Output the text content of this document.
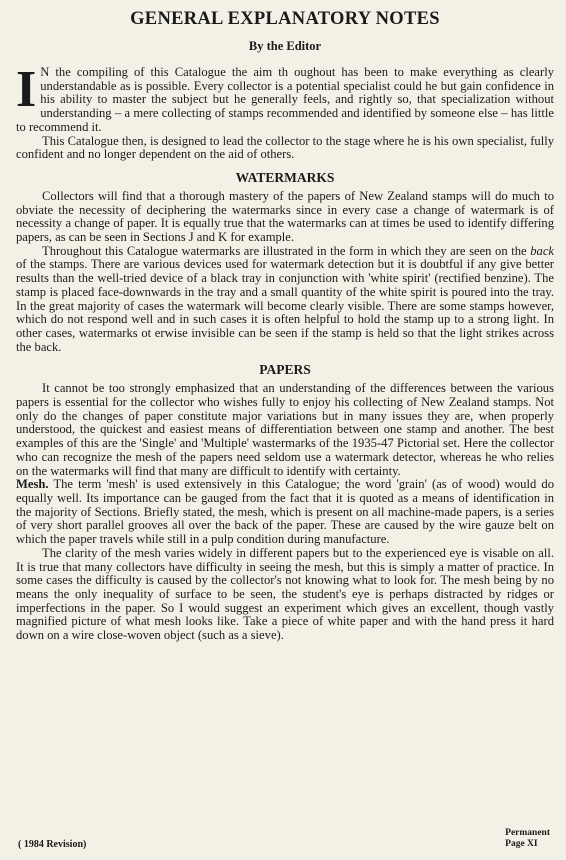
GENERAL EXPLANATORY NOTES
By the Editor

I N the compiling of this Catalogue the aim th oughout has been to make everything as clearly understandable as is possible. Every collector is a potential specialist could he but gain confidence in his ability to master the subject but he generally feels, and rightly so, that specialization without understanding – a mere collecting of stamps recommended and identified by someone else – has little to recommend it.

This Catalogue then, is designed to lead the collector to the stage where he is his own specialist, fully confident and no longer dependent on the aid of others.

WATERMARKS

Collectors will find that a thorough mastery of the papers of New Zealand stamps will do much to obviate the necessity of deciphering the watermarks since in every case a change of watermark is of necessity a change of paper. It is equally true that the watermarks can at times be used to identify differing papers, as can be seen in Sections J and K for example.

Throughout this Catalogue watermarks are illustrated in the form in which they are seen on the back of the stamps. There are various devices used for watermark detection but it is doubtful if any give better results than the well-tried device of a black tray in conjunction with 'white spirit' (rectified benzine). The stamp is placed face-downwards in the tray and a small quantity of the white spirit is poured into the tray. In the great majority of cases the watermark will become clearly visible. There are some stamps however, which do not respond well and in such cases it is often helpful to hold the stamp up to a strong light. In other cases, watermarks ot erwise invisible can be seen if the stamp is held so that the light strikes across the back.

PAPERS

It cannot be too strongly emphasized that an understanding of the differences between the various papers is essential for the collector who wishes fully to enjoy his collecting of New Zealand stamps. Not only do the changes of paper constitute major variations but in many issues they are, when properly understood, the quickest and easiest means of differentiation between one stamp and another. The best examples of this are the 'Single' and 'Multiple' wastermarks of the 1935-47 Pictorial set. Here the collector who can recognize the mesh of the papers need seldom use a watermark detector, whereas he who relies on the watermarks will find that many are difficult to identify with certainty.

Mesh. The term 'mesh' is used extensively in this Catalogue; the word 'grain' (as of wood) would do equally well. Its importance can be gauged from the fact that it is quoted as a means of identification in the majority of Sections. Briefly stated, the mesh, which is present on all machine-made papers, is a series of very short parallel grooves all over the back of the paper. These are caused by the wire gauze belt on which the paper travels while still in a pulp condition during manufacture.

The clarity of the mesh varies widely in different papers but to the experienced eye is visable on all. It is true that many collectors have difficulty in seeing the mesh, but this is simply a matter of practice. In some cases the difficulty is caused by the collector's not knowing what to look for. The mesh being by no means the only inequality of surface to be seen, the student's eye is perhaps distracted by ridges or imperfections in the paper. So I would suggest an experiment which gives an excellent, though vastly magnified picture of what mesh looks like. Take a piece of white paper and with the hand press it hard down on a wire close-woven object (such as a sieve).

( 1984 Revision)
Permanent
Page XI
